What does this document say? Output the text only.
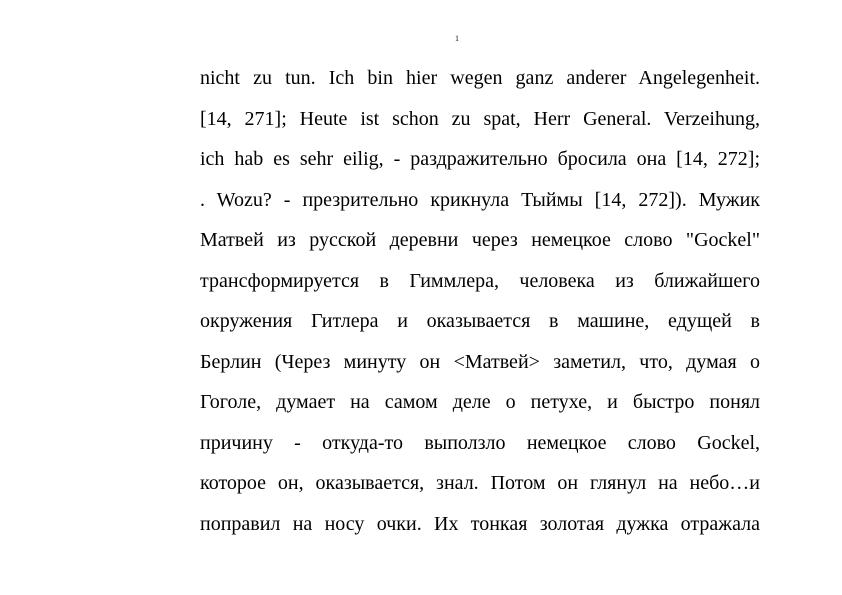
1
nicht zu tun. Ich bin hier wegen ganz anderer Angelegenheit.
[14, 271]; Heute ist schon zu spat, Herr General. Verzeihung,
ich hab es sehr eilig, - раздражительно бросила она [14, 272];
. Wozu? - презрительно крикнула Тыймы [14, 272]). Мужик
Матвей из русской деревни через немецкое слово "Gockel"
трансформируется в Гиммлера, человека из ближайшего
окружения Гитлера и оказывается в машине, едущей в
Берлин (Через минуту он <Матвей> заметил, что, думая о
Гоголе, думает на самом деле о петухе, и быстро понял
причину - откуда-то выползло немецкое слово Gockel,
которое он, оказывается, знал. Потом он глянул на небо…и
поправил на носу очки. Их тонкая золотая дужка отражала
